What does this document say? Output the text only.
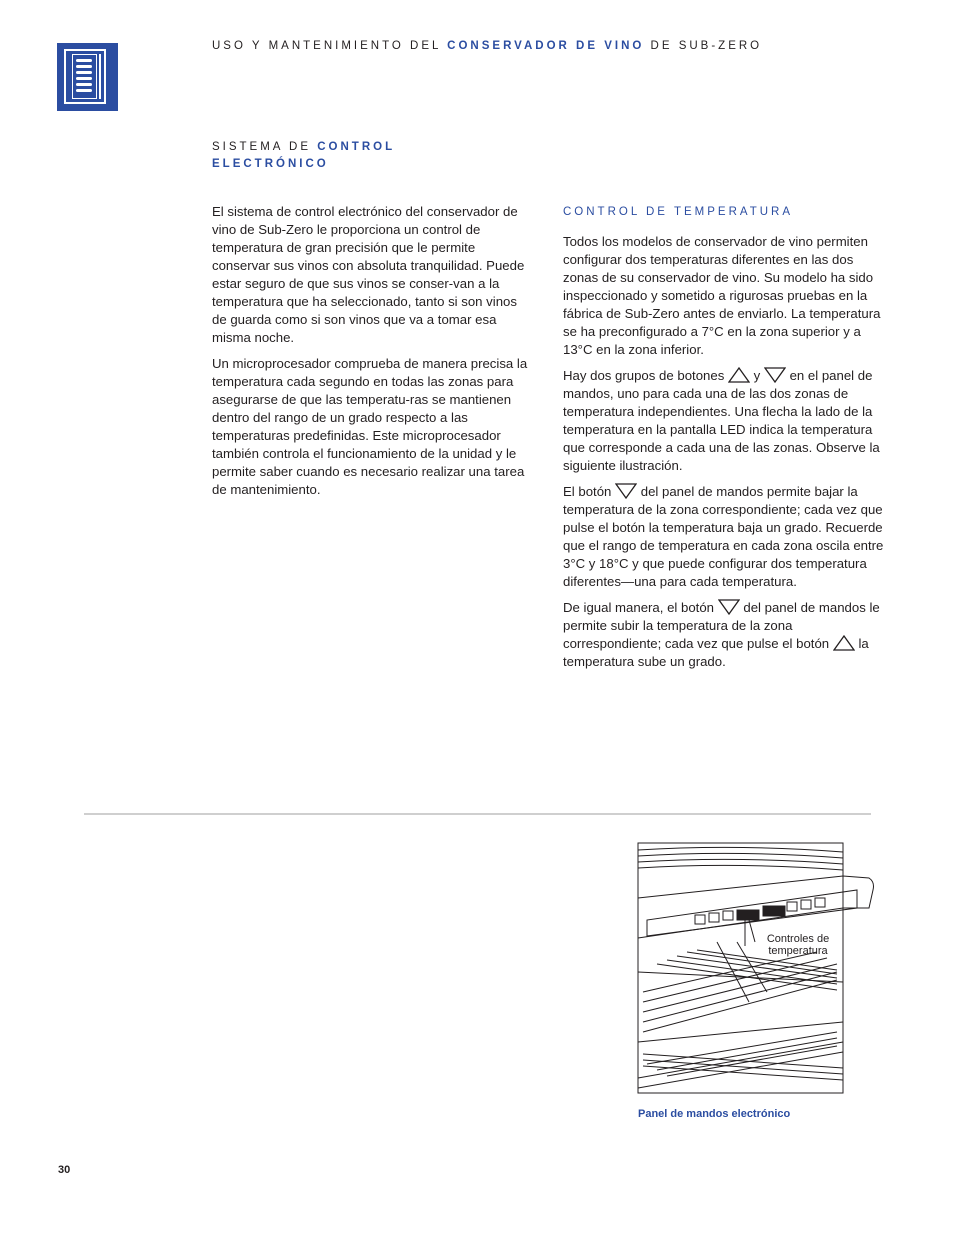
USO Y MANTENIMIENTO DEL CONSERVADOR DE VINO DE SUB-ZERO
SISTEMA DE CONTROL
ELECTRÓNICO

El sistema de control electrónico del conservador de vino de Sub-Zero le proporciona un control de temperatura de gran precisión que le permite conservar sus vinos con absoluta tranquilidad. Puede estar seguro de que sus vinos se conser-van a la temperatura que ha seleccionado, tanto si son vinos de guarda como si son vinos que va a tomar esa misma noche.

Un microprocesador comprueba de manera precisa la temperatura cada segundo en todas las zonas para asegurarse de que las temperatu-ras se mantienen dentro del rango de un grado respecto a las temperaturas predefinidas. Este microprocesador también controla el funcionamiento de la unidad y le permite saber cuando es necesario realizar una tarea de mantenimiento.

CONTROL DE TEMPERATURA

Todos los modelos de conservador de vino permiten configurar dos temperaturas diferentes en las dos zonas de su conservador de vino. Su modelo ha sido inspeccionado y sometido a rigurosas pruebas en la fábrica de Sub-Zero antes de enviarlo. La temperatura se ha preconfigurado a 7°C en la zona superior y a 13°C en la zona inferior.

Hay dos grupos de botones y en el panel de mandos, uno para cada una de las dos zonas de temperatura independientes. Una flecha la lado de la temperatura en la pantalla LED indica la temperatura que corresponde a cada una de las zonas. Observe la siguiente ilustración.

El botón del panel de mandos permite bajar la temperatura de la zona correspondiente; cada vez que pulse el botón la temperatura baja un grado. Recuerde que el rango de temperatura en cada zona oscila entre 3°C y 18°C y que puede configurar dos temperatura diferentes—una para cada temperatura.

De igual manera, el botón del panel de mandos le permite subir la temperatura de la zona correspondiente; cada vez que pulse el botón la temperatura sube un grado.

Controles de temperatura
Panel de mandos electrónico
30
